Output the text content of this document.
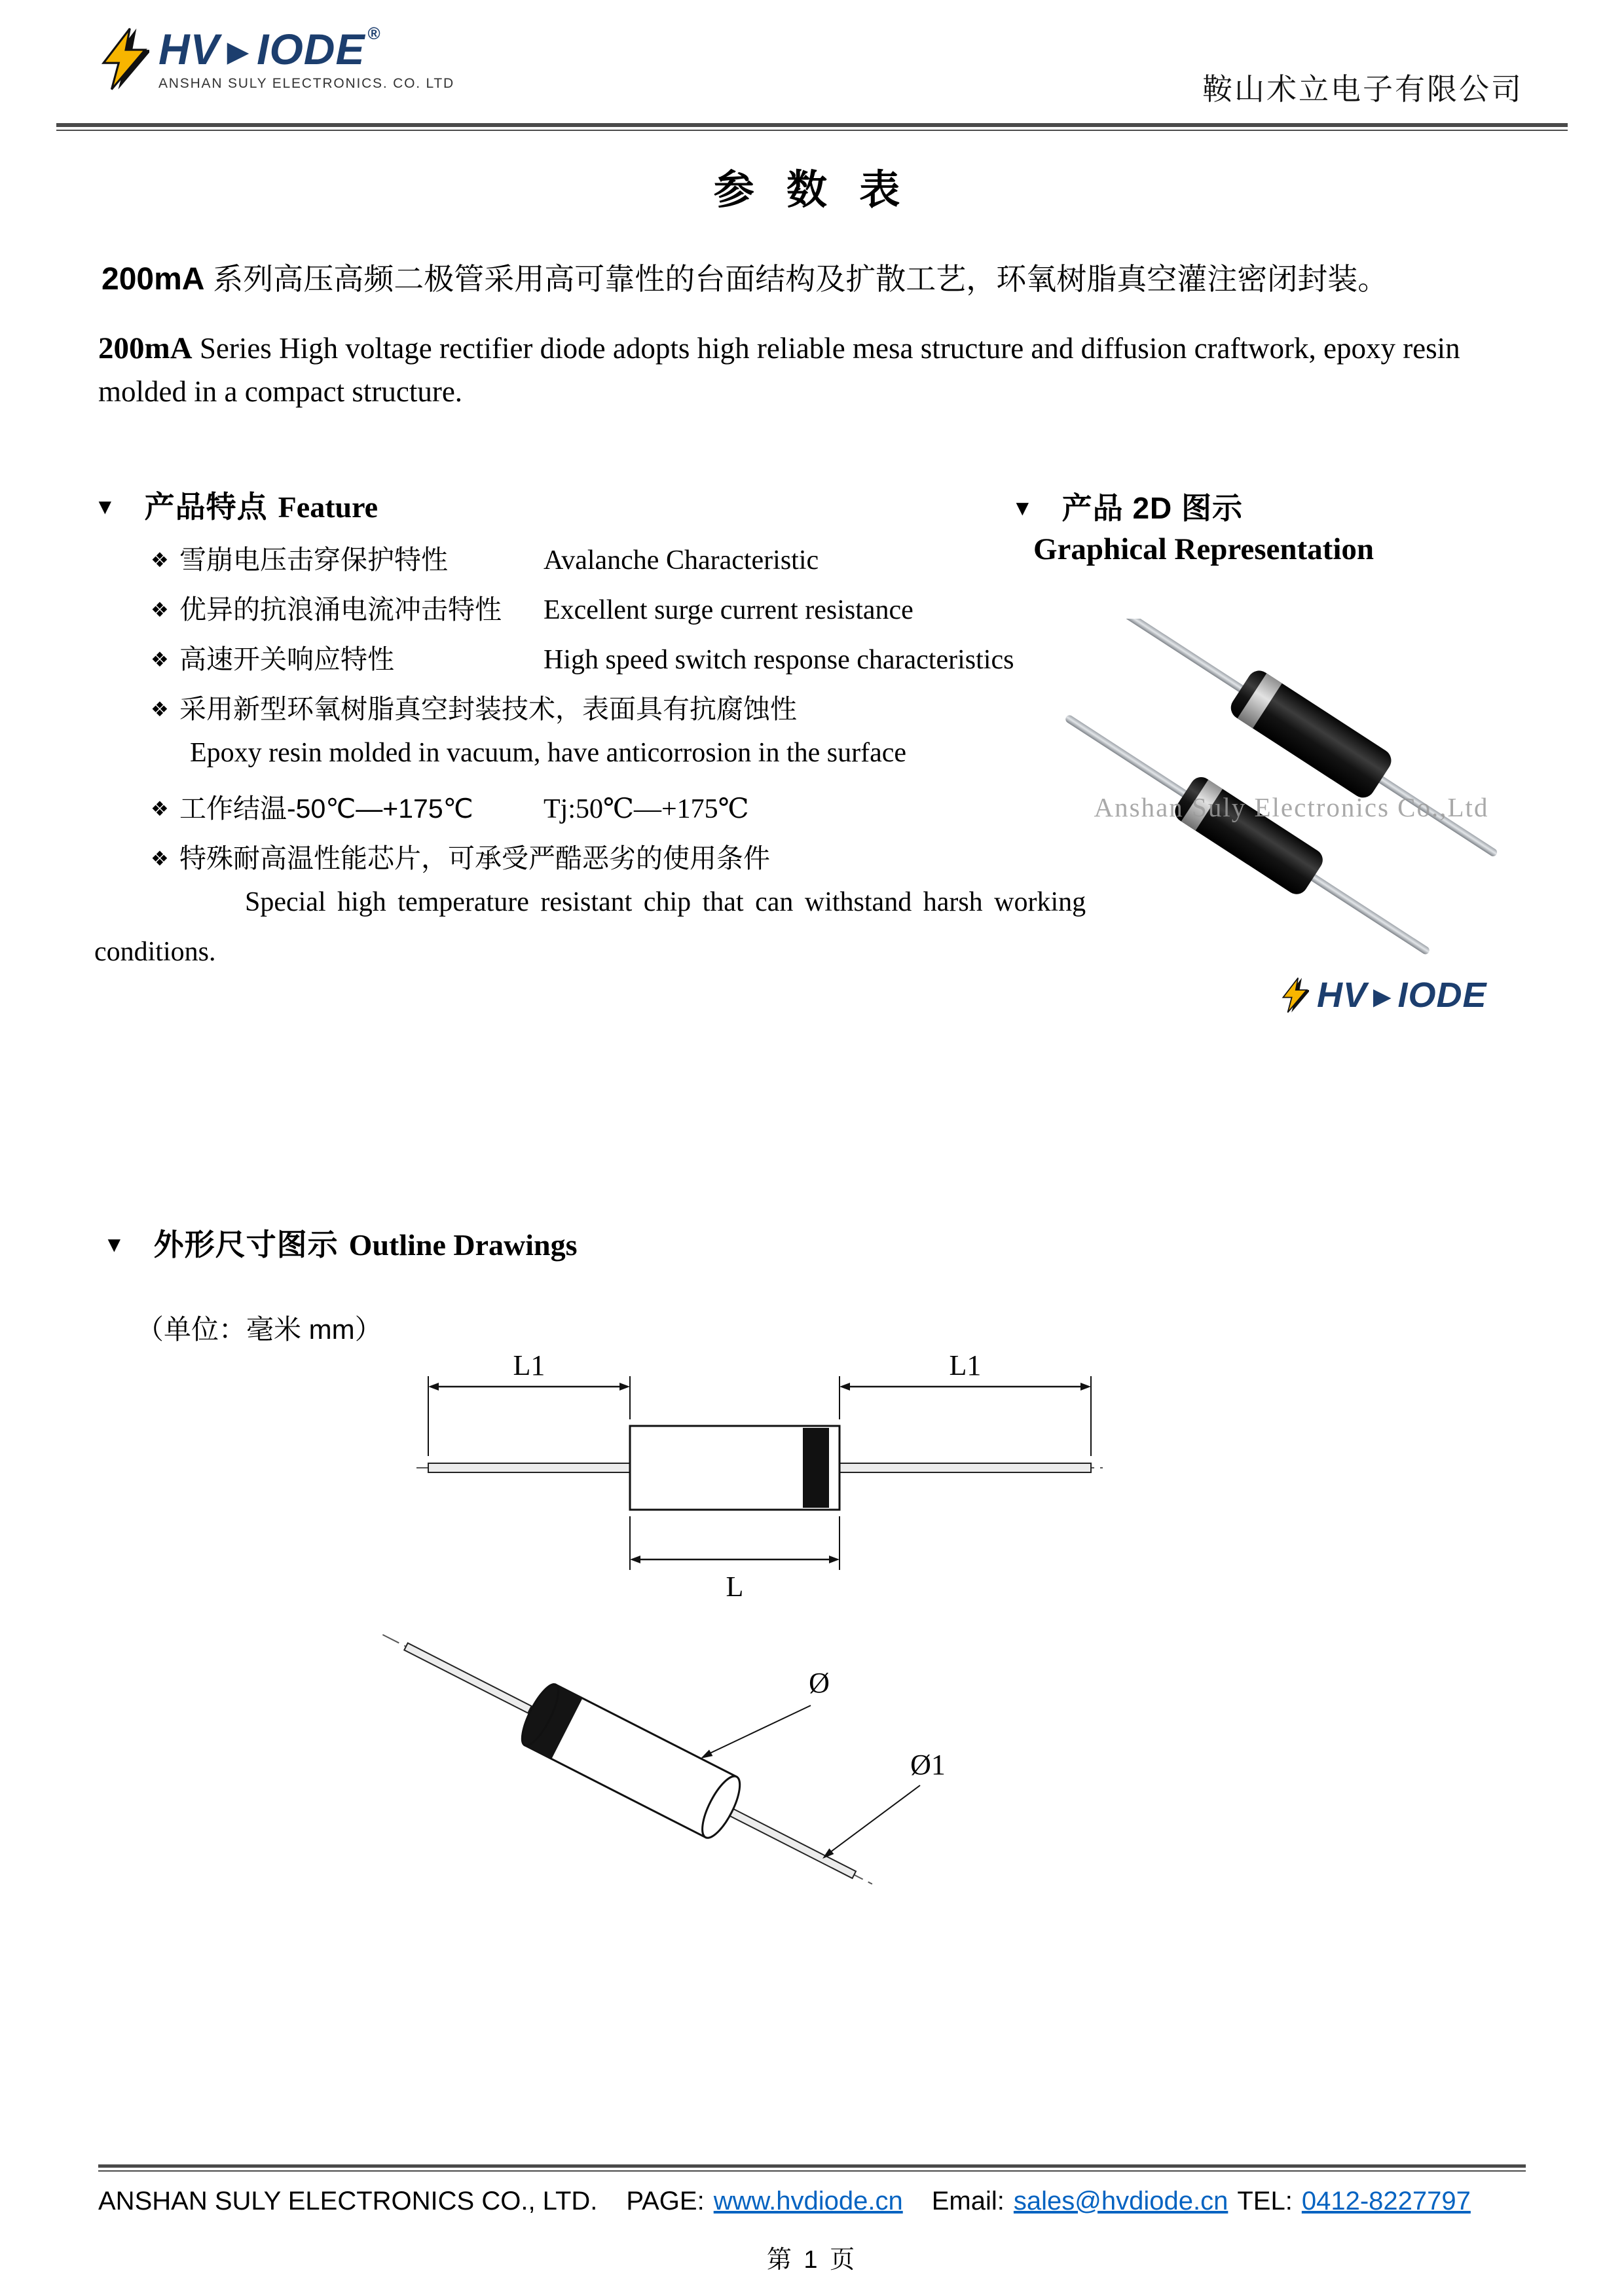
HV►IODE ®
ANSHAN SULY ELECTRONICS. CO. LTD	鞍山术立电子有限公司
参 数 表

200mA 系列高压高频二极管采用高可靠性的台面结构及扩散工艺，环氧树脂真空灌注密闭封装。

200mA Series High voltage rectifier diode adopts high reliable mesa structure and diffusion craftwork, epoxy resin molded in a compact structure.

▼ 产品特点 Feature
❖ 雪崩电压击穿保护特性	Avalanche Characteristic
❖ 优异的抗浪涌电流冲击特性	Excellent surge current resistance
❖ 高速开关响应特性	High speed switch response characteristics
❖ 采用新型环氧树脂真空封装技术，表面具有抗腐蚀性
Epoxy resin molded in vacuum, have anticorrosion in the surface
❖ 工作结温-50℃—+175℃	Tj:50℃—+175℃
❖ 特殊耐高温性能芯片，可承受严酷恶劣的使用条件
Special high temperature resistant chip that can withstand harsh working
conditions.
▼ 产品 2D 图示
Graphical Representation
Anshan Suly Electronics Co.,Ltd
HV►IODE
▼ 外形尺寸图示 Outline Drawings
（单位：毫米 mm）
L1	L1
L
Ø
Ø1
ANSHAN SULY ELECTRONICS CO., LTD. PAGE: www.hvdiode.cn Email: sales@hvdiode.cn TEL: 0412-8227797
第 1 页
